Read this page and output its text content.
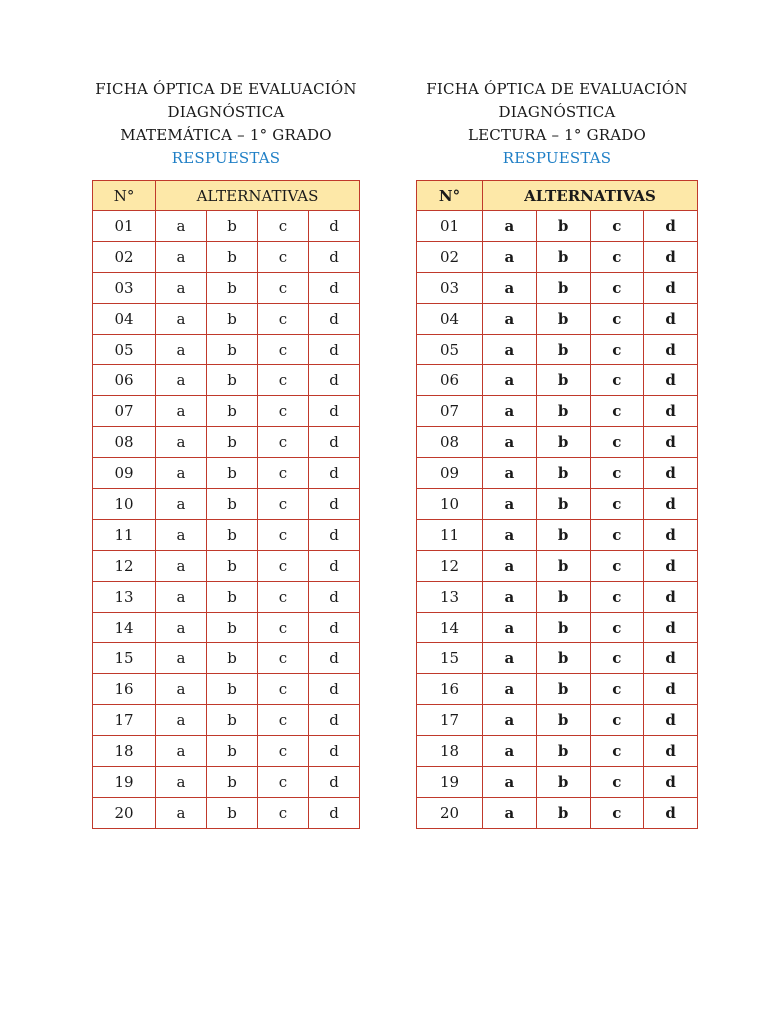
FICHA ÓPTICA DE EVALUACIÓN
DIAGNÓSTICA
MATEMÁTICA – 1° GRADO
RESPUESTAS
N°	ALTERNATIVAS			
01	a	b	c	d
02	a	b	c	d
03	a	b	c	d
04	a	b	c	d
05	a	b	c	d
06	a	b	c	d
07	a	b	c	d
08	a	b	c	d
09	a	b	c	d
10	a	b	c	d
11	a	b	c	d
12	a	b	c	d
13	a	b	c	d
14	a	b	c	d
15	a	b	c	d
16	a	b	c	d
17	a	b	c	d
18	a	b	c	d
19	a	b	c	d
20	a	b	c	d
FICHA ÓPTICA DE EVALUACIÓN
DIAGNÓSTICA
LECTURA – 1° GRADO
RESPUESTAS
N°	ALTERNATIVAS			
01	a	b	c	d
02	a	b	c	d
03	a	b	c	d
04	a	b	c	d
05	a	b	c	d
06	a	b	c	d
07	a	b	c	d
08	a	b	c	d
09	a	b	c	d
10	a	b	c	d
11	a	b	c	d
12	a	b	c	d
13	a	b	c	d
14	a	b	c	d
15	a	b	c	d
16	a	b	c	d
17	a	b	c	d
18	a	b	c	d
19	a	b	c	d
20	a	b	c	d
